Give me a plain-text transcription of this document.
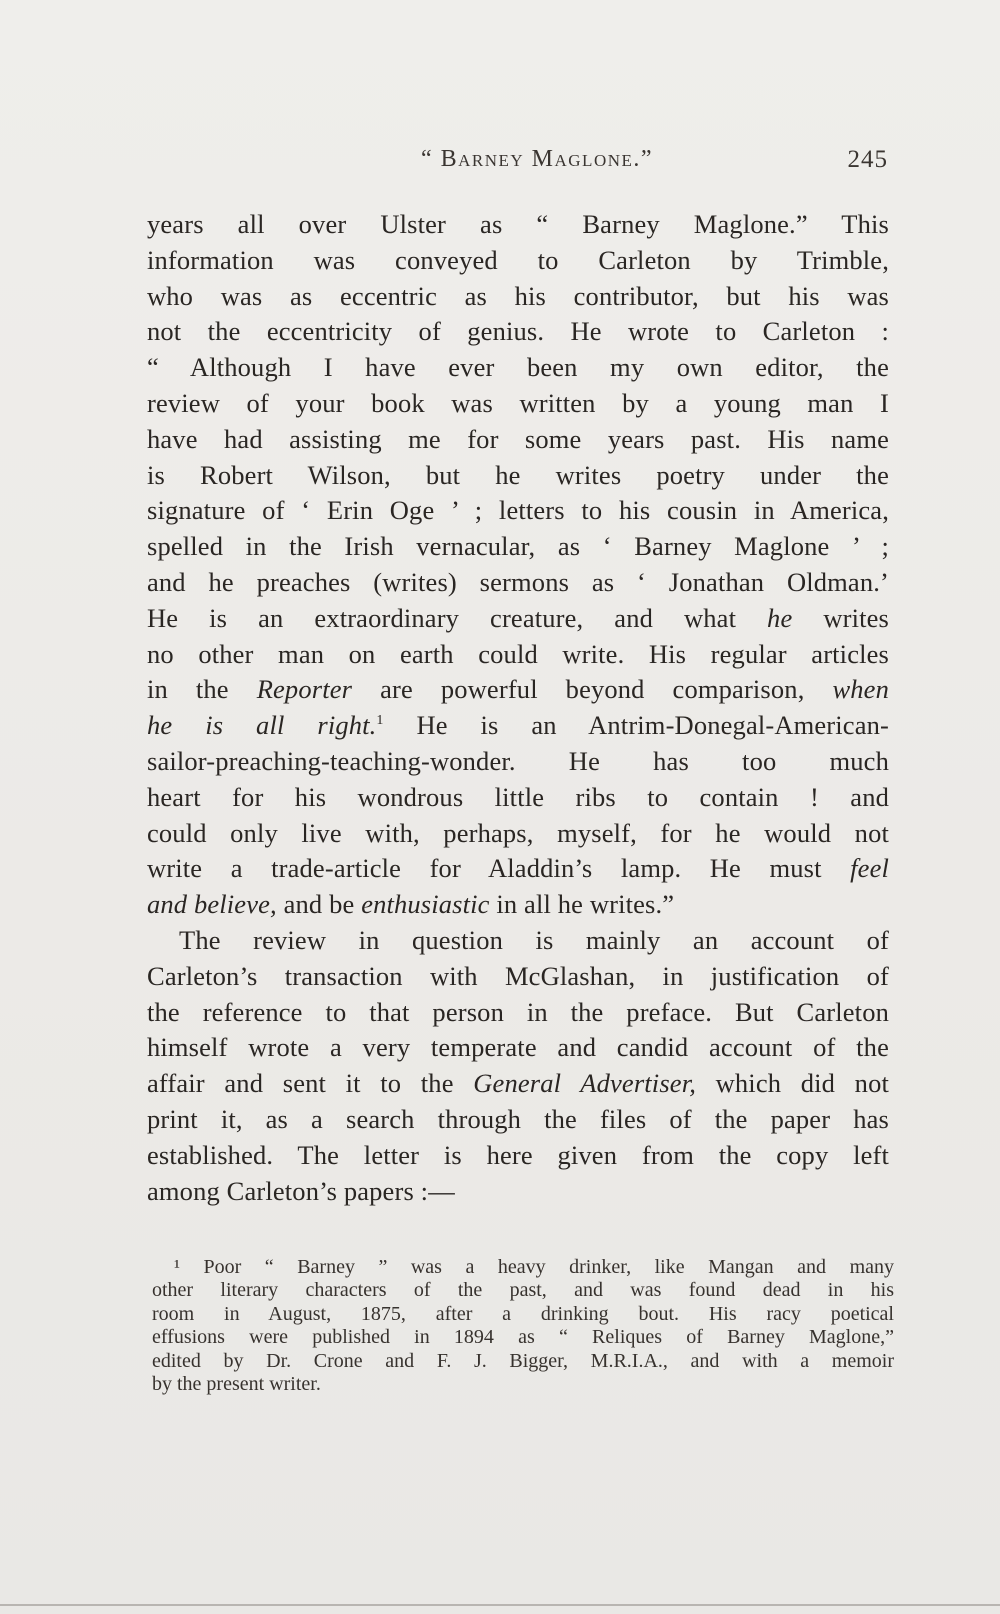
“ Barney Maglone.”	245
years all over Ulster as “ Barney Maglone.” This
information was conveyed to Carleton by Trimble,
who was as eccentric as his contributor, but his was
not the eccentricity of genius. He wrote to Carleton :
“ Although I have ever been my own editor, the
review of your book was written by a young man I
have had assisting me for some years past. His name
is Robert Wilson, but he writes poetry under the
signature of ‘ Erin Oge ’ ; letters to his cousin in America,
spelled in the Irish vernacular, as ‘ Barney Maglone ’ ;
and he preaches (writes) sermons as ‘ Jonathan Oldman.’
He is an extraordinary creature, and what he writes
no other man on earth could write. His regular articles
in the Reporter are powerful beyond comparison, when
he is all right.$^1$ He is an Antrim-Donegal-American-
sailor-preaching-teaching-wonder. He has too much
heart for his wondrous little ribs to contain ! and
could only live with, perhaps, myself, for he would not
write a trade-article for Aladdin’s lamp. He must feel
and believe, and be enthusiastic in all he writes.”
The review in question is mainly an account of
Carleton’s transaction with McGlashan, in justification of
the reference to that person in the preface. But Carleton
himself wrote a very temperate and candid account of the
affair and sent it to the General Advertiser, which did not
print it, as a search through the files of the paper has
established. The letter is here given from the copy left
among Carleton’s papers :—
¹ Poor “ Barney ” was a heavy drinker, like Mangan and many
other literary characters of the past, and was found dead in his
room in August, 1875, after a drinking bout. His racy poetical
effusions were published in 1894 as “ Reliques of Barney Maglone,”
edited by Dr. Crone and F. J. Bigger, M.R.I.A., and with a memoir
by the present writer.
